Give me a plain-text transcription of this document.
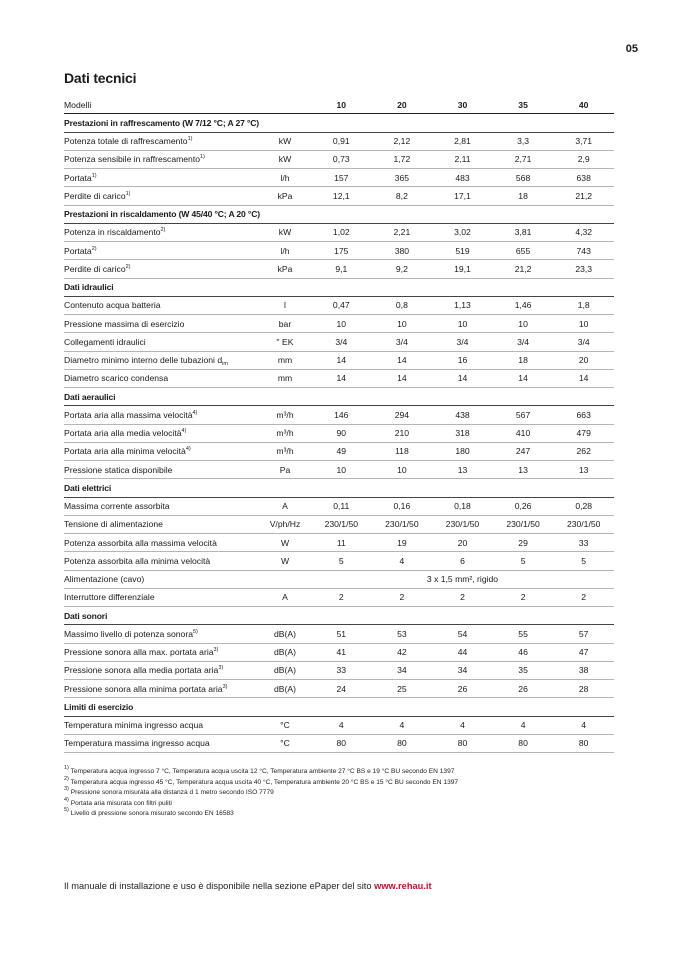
05
Dati tecnici
Modelli		10	20	30	35	40
Prestazioni in raffrescamento (W 7/12 °C; A 27 °C)						
Potenza totale di raffrescamento$^{1)}$	kW	0,91	2,12	2,81	3,3	3,71
Potenza sensibile in raffrescamento$^{1)}$	kW	0,73	1,72	2,11	2,71	2,9
Portata$^{1)}$	l/h	157	365	483	568	638
Perdite di carico$^{1)}$	kPa	12,1	8,2	17,1	18	21,2
Prestazioni in riscaldamento (W 45/40 °C; A 20 °C)						
Potenza in riscaldamento$^{2)}$	kW	1,02	2,21	3,02	3,81	4,32
Portata$^{2)}$	l/h	175	380	519	655	743
Perdite di carico$^{2)}$	kPa	9,1	9,2	19,1	21,2	23,3
Dati idraulici						
Contenuto acqua batteria	l	0,47	0,8	1,13	1,46	1,8
Pressione massima di esercizio	bar	10	10	10	10	10
Collegamenti idraulici	" EK	3/4	3/4	3/4	3/4	3/4
Diametro minimo interno delle tubazioni $d_{im}$	mm	14	14	16	18	20
Diametro scarico condensa	mm	14	14	14	14	14
Dati aeraulici						
Portata aria alla massima velocità$^{4)}$	m³/h	146	294	438	567	663
Portata aria alla media velocità$^{4)}$	m³/h	90	210	318	410	479
Portata aria alla minima velocità$^{4)}$	m³/h	49	118	180	247	262
Pressione statica disponibile	Pa	10	10	13	13	13
Dati elettrici						
Massima corrente assorbita	A	0,11	0,16	0,18	0,26	0,28
Tensione di alimentazione	V/ph/Hz	230/1/50	230/1/50	230/1/50	230/1/50	230/1/50
Potenza assorbita alla massima velocità	W	11	19	20	29	33
Potenza assorbita alla minima velocità	W	5	4	6	5	5
Alimentazione (cavo)		3 x 1,5 mm², rigido				
Interruttore differenziale	A	2	2	2	2	2
Dati sonori						
Massimo livello di potenza sonora$^{5)}$	dB(A)	51	53	54	55	57
Pressione sonora alla max. portata aria$^{3)}$	dB(A)	41	42	44	46	47
Pressione sonora alla media portata aria$^{3)}$	dB(A)	33	34	34	35	38
Pressione sonora alla minima portata aria$^{3)}$	dB(A)	24	25	26	26	28
Limiti di esercizio						
Temperatura minima ingresso acqua	°C	4	4	4	4	4
Temperatura massima ingresso acqua	°C	80	80	80	80	80
$^{1)}$ Temperatura acqua ingresso 7 °C, Temperatura acqua uscita 12 °C, Temperatura ambiente 27 °C BS e 19 °C BU secondo EN 1397
$^{2)}$ Temperatura acqua ingresso 45 °C, Temperatura acqua uscita 40 °C, Temperatura ambiente 20 °C BS e 15 °C BU secondo EN 1397
$^{3)}$ Pressione sonora misurata alla distanza d 1 metro secondo ISO 7779
$^{4)}$ Portata aria misurata con filtri puliti
$^{5)}$ Livello di pressione sonora misurato secondo EN 16583
Il manuale di installazione e uso è disponibile nella sezione ePaper del sito www.rehau.it
